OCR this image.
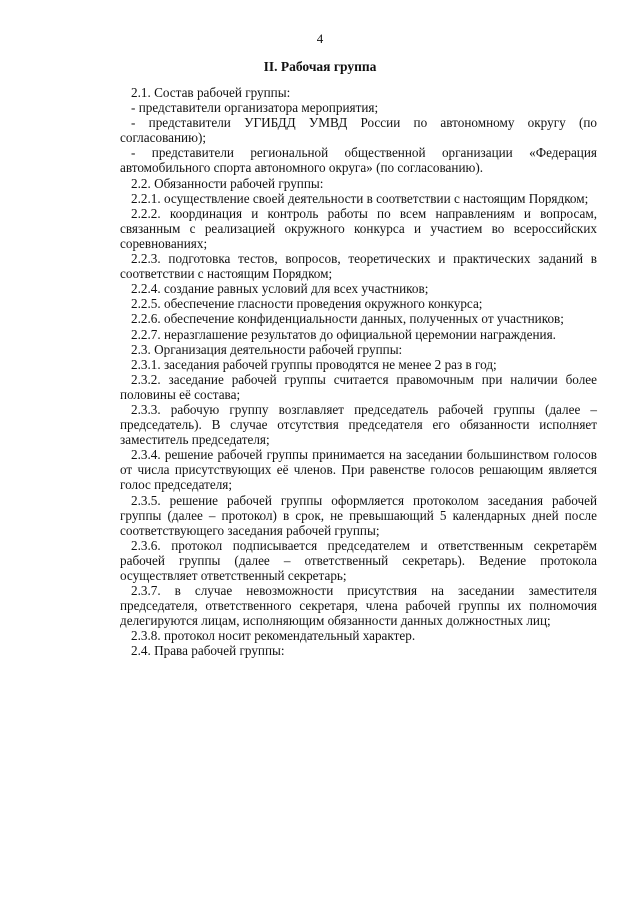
4
II. Рабочая группа

2.1. Состав рабочей группы:

- представители организатора мероприятия;

- представители УГИБДД УМВД России по автономному округу (по согласованию);

- представители региональной общественной организации «Федерация автомобильного спорта автономного округа» (по согласованию).

2.2. Обязанности рабочей группы:

2.2.1. осуществление своей деятельности в соответствии с настоящим Порядком;

2.2.2. координация и контроль работы по всем направлениям и вопросам, связанным с реализацией окружного конкурса и участием во всероссийских соревнованиях;

2.2.3. подготовка тестов, вопросов, теоретических и практических заданий в соответствии с настоящим Порядком;

2.2.4. создание равных условий для всех участников;

2.2.5. обеспечение гласности проведения окружного конкурса;

2.2.6. обеспечение конфиденциальности данных, полученных от участников;

2.2.7. неразглашение результатов до официальной церемонии награждения.

2.3. Организация деятельности рабочей группы:

2.3.1. заседания рабочей группы проводятся не менее 2 раз в год;

2.3.2. заседание рабочей группы считается правомочным при наличии более половины её состава;

2.3.3. рабочую группу возглавляет председатель рабочей группы (далее – председатель). В случае отсутствия председателя его обязанности исполняет заместитель председателя;

2.3.4. решение рабочей группы принимается на заседании большинством голосов от числа присутствующих её членов. При равенстве голосов решающим является голос председателя;

2.3.5. решение рабочей группы оформляется протоколом заседания рабочей группы (далее – протокол) в срок, не превышающий 5 календарных дней после соответствующего заседания рабочей группы;

2.3.6. протокол подписывается председателем и ответственным секретарём рабочей группы (далее – ответственный секретарь). Ведение протокола осуществляет ответственный секретарь;

2.3.7. в случае невозможности присутствия на заседании заместителя председателя, ответственного секретаря, члена рабочей группы их полномочия делегируются лицам, исполняющим обязанности данных должностных лиц;

2.3.8. протокол носит рекомендательный характер.

2.4. Права рабочей группы:
